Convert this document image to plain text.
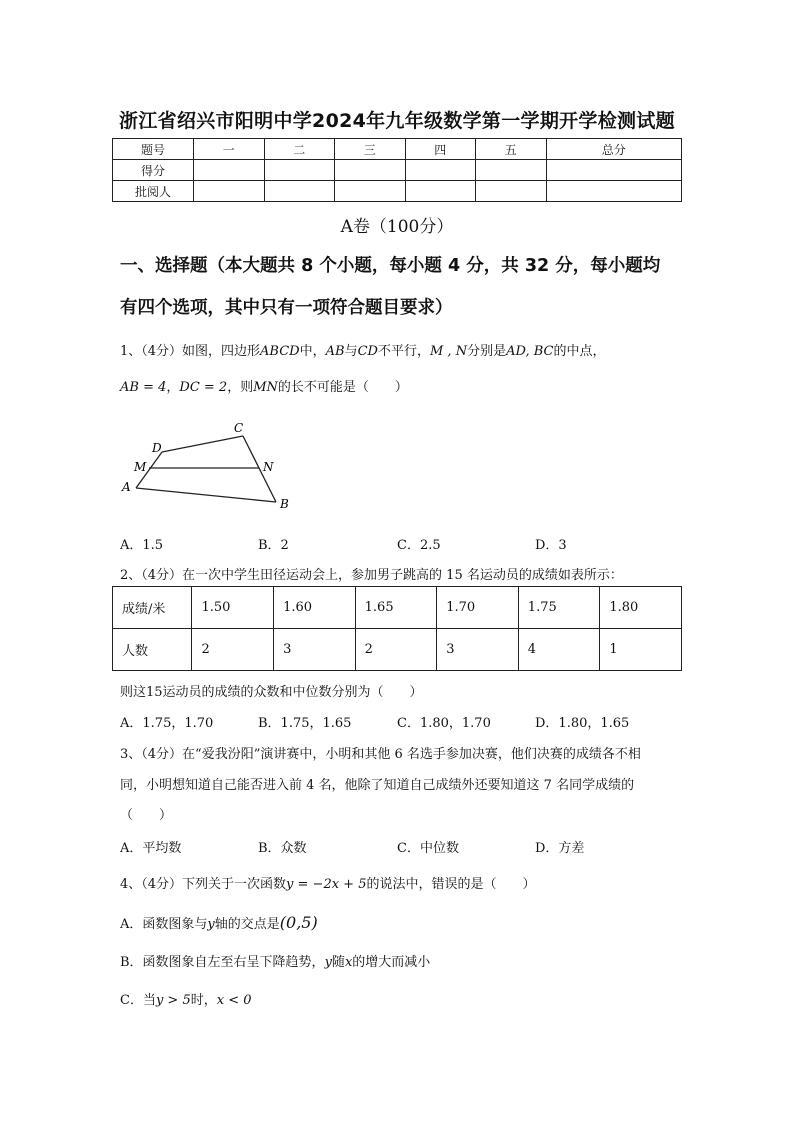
浙江省绍兴市阳明中学2024年九年级数学第一学期开学检测试题
题号	一	二	三	四	五	总分
得分						
批阅人						
A卷（100分）
一、选择题（本大题共 8 个小题，每小题 4 分，共 32 分，每小题均
有四个选项，其中只有一项符合题目要求）
1、（4分）如图，四边形ABCD中，AB与CD不平行，M , N分别是AD, BC的中点，
AB = 4，DC = 2，则MN的长不可能是（　　）
A
B
C
D
M	N
A．1.5	B．2	C．2.5	D．3
2、（4分）在一次中学生田径运动会上，参加男子跳高的 15 名运动员的成绩如表所示：
成绩/米	1.50	1.60	1.65	1.70	1.75	1.80
人数	2	3	2	3	4	1
则这15运动员的成绩的众数和中位数分别为（　　）
A．1.75，1.70	B．1.75，1.65	C．1.80，1.70	D．1.80，1.65
3、（4分）在“爱我汾阳”演讲赛中，小明和其他 6 名选手参加决赛，他们决赛的成绩各不相
同，小明想知道自己能否进入前 4 名，他除了知道自己成绩外还要知道这 7 名同学成绩的
（　　）
A．平均数	B．众数	C．中位数	D．方差
4、（4分）下列关于一次函数y = −2x + 5的说法中，错误的是（　　）
A．函数图象与y轴的交点是(0,5)
B．函数图象自左至右呈下降趋势，y随x的增大而减小
C．当y > 5时，x < 0
